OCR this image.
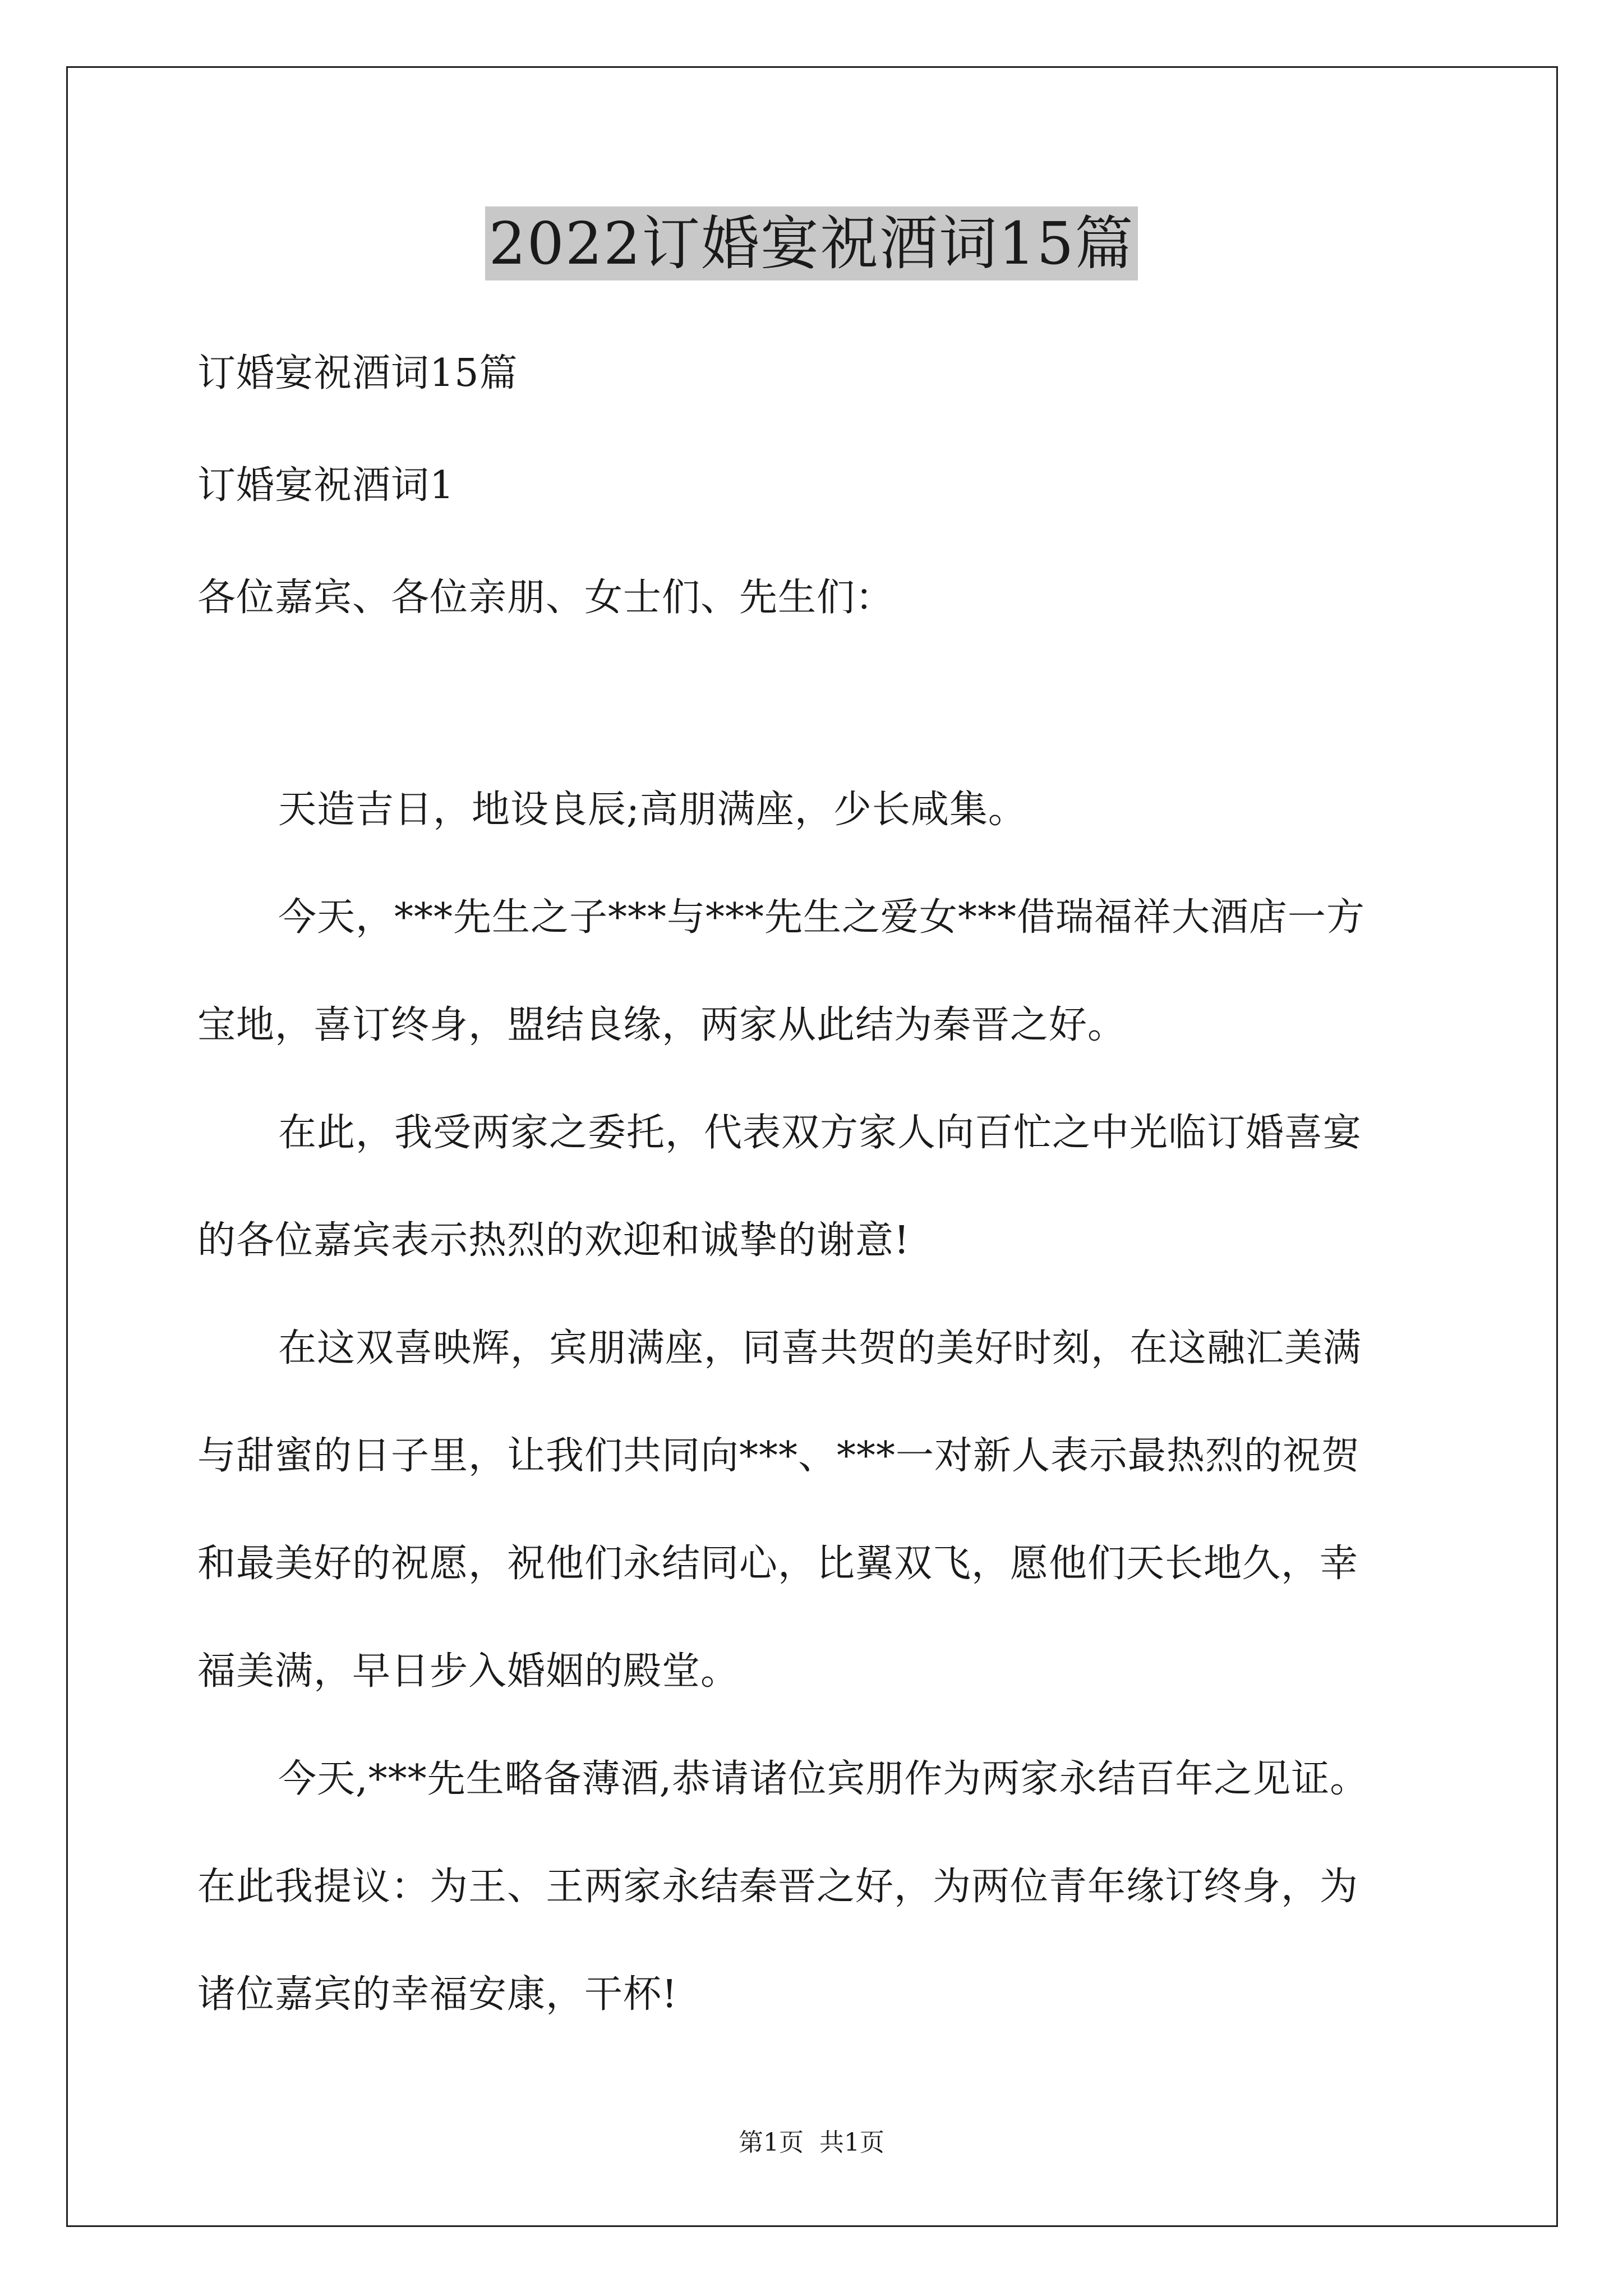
2022订婚宴祝酒词15篇
订婚宴祝酒词15篇
订婚宴祝酒词1
各位嘉宾、各位亲朋、女士们、先生们：
天造吉日，地设良辰;高朋满座，少长咸集。
今天，***先生之子***与***先生之爱女***借瑞福祥大酒店一方
宝地，喜订终身，盟结良缘，两家从此结为秦晋之好。
在此，我受两家之委托，代表双方家人向百忙之中光临订婚喜宴
的各位嘉宾表示热烈的欢迎和诚挚的谢意!
在这双喜映辉，宾朋满座，同喜共贺的美好时刻，在这融汇美满
与甜蜜的日子里，让我们共同向***、***一对新人表示最热烈的祝贺
和最美好的祝愿，祝他们永结同心，比翼双飞，愿他们天长地久，幸
福美满，早日步入婚姻的殿堂。
今天,***先生略备薄酒,恭请诸位宾朋作为两家永结百年之见证。
在此我提议：为王、王两家永结秦晋之好，为两位青年缘订终身，为
诸位嘉宾的幸福安康，干杯!
第1页 共1页
